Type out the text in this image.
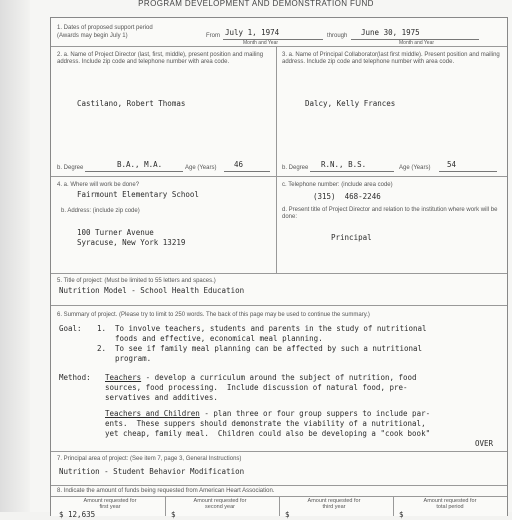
PROGRAM DEVELOPMENT AND DEMONSTRATION FUND
1. Dates of proposed support period
(Awards may begin July 1)	From July 1, 1974
Month and Year
through June 30, 1975
Month and Year
2. a. Name of Project Director (last, first, middle), present position and mailing address. Include zip code and telephone number with area code.
Castilano, Robert Thomas
b. Degree	B.A., M.A.	Age (Years) 46
3. a. Name of Principal Collaborator(last first middle). Present position and mailing address. Include zip code and telephone number with area code.
Dalcy, Kelly Frances
b. Degree R.N., B.S.	Age (Years) 54
4. a. Where will work be done?
Fairmount Elementary School
b. Address: (include zip code)
100 Turner Avenue
Syracuse, New York 13219
c. Telephone number: (include area code)
(315)  468-2246
d. Present title of Project Director and relation to the institution where work will be done:
Principal
5. Title of project: (Must be limited to 55 letters and spaces.)
Nutrition Model - School Health Education
6. Summary of project. (Please try to limit to 250 words. The back of this page may be used to continue the summary.)
Goal: 1. To involve teachers, students and parents in the study of nutritional
foods and effective, economical meal planning.
2. To see if family meal planning can be affected by such a nutritional
program.
Method: Teachers - develop a curriculum around the subject of nutrition, food
sources, food processing.  Include discussion of natural food, pre-
servatives and additives.
Teachers and Children - plan three or four group suppers to include par-
ents.  These suppers should demonstrate the viability of a nutritional,
yet cheap, family meal.  Children could also be developing a "cook book"
OVER
7. Principal area of project: (See item 7, page 3, General Instructions)
Nutrition - Student Behavior Modification
8. Indicate the amount of funds being requested from American Heart Association.
Amount requested for
first year
$ 12,635
Amount requested for
second year
$
Amount requested for
third year
$
Amount requested for
total period
$
